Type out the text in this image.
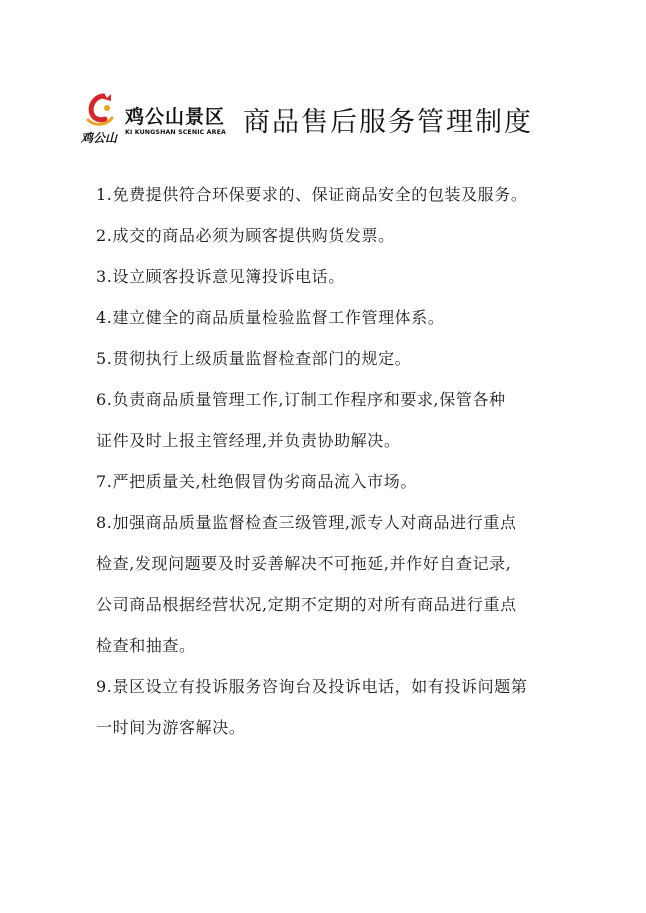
鸡公山
鸡公山景区
KI KUNGSHAN SCENIC AREA 商品售后服务管理制度

1.免费提供符合环保要求的、保证商品安全的包装及服务。

2.成交的商品必须为顾客提供购货发票。

3.设立顾客投诉意见簿投诉电话。

4.建立健全的商品质量检验监督工作管理体系。

5.贯彻执行上级质量监督检查部门的规定。

6.负责商品质量管理工作,订制工作程序和要求,保管各种

证件及时上报主管经理,并负责协助解决。

7.严把质量关,杜绝假冒伪劣商品流入市场。

8.加强商品质量监督检查三级管理,派专人对商品进行重点

检查,发现问题要及时妥善解决不可拖延,并作好自查记录,

公司商品根据经营状况,定期不定期的对所有商品进行重点

检查和抽查。

9.景区设立有投诉服务咨询台及投诉电话，如有投诉问题第

一时间为游客解决。
